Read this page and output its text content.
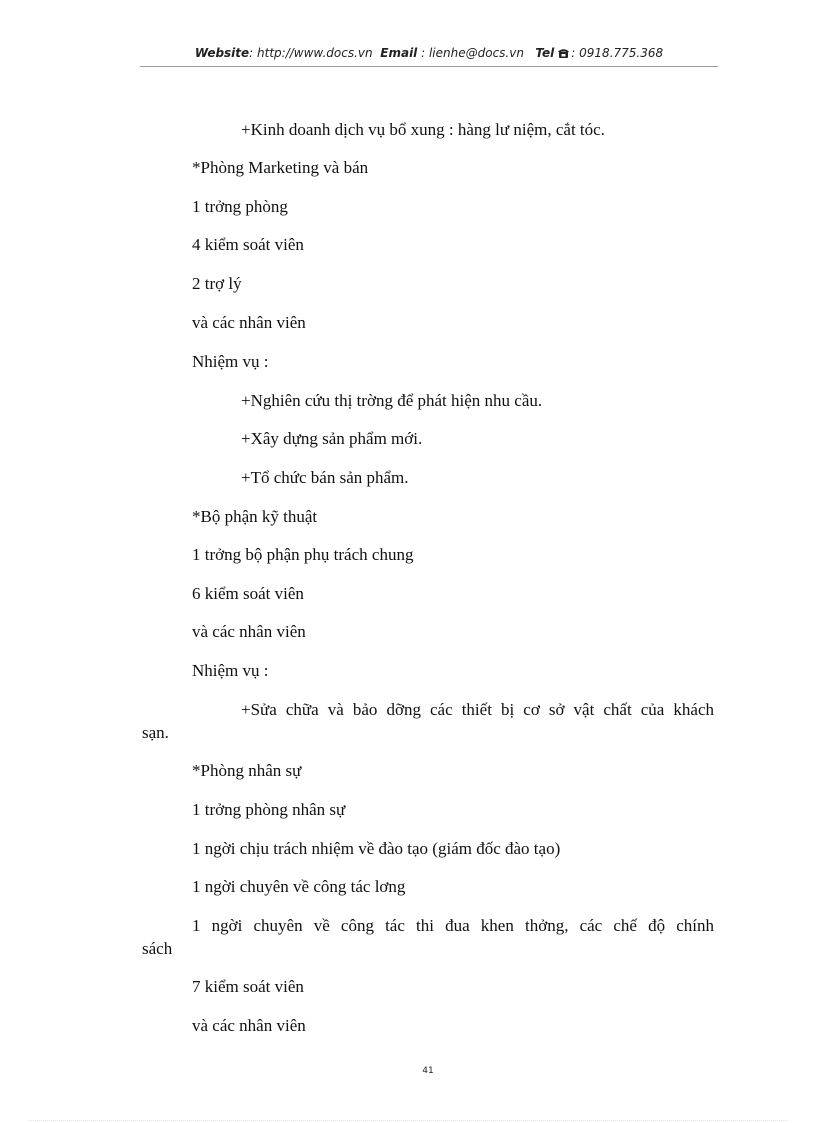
Website: http://www.docs.vn Email : lienhe@docs.vn Tel : 0918.775.368
+Kinh doanh dịch vụ bổ xung : hàng lư niệm, cắt tóc.
*Phòng Marketing và bán
1 trởng phòng
4 kiểm soát viên
2 trợ lý
và các nhân viên
Nhiệm vụ :
+Nghiên cứu thị trờng để phát hiện nhu cầu.
+Xây dựng sản phẩm mới.
+Tổ chức bán sản phẩm.
*Bộ phận kỹ thuật
1 trởng bộ phận phụ trách chung
6 kiểm soát viên
và các nhân viên
Nhiệm vụ :
+Sửa chữa và bảo dỡng các thiết bị cơ sở vật chất của khách
sạn.
*Phòng nhân sự
1 trởng phòng nhân sự
1 ngời chịu trách nhiệm về đào tạo (giám đốc đào tạo)
1 ngời chuyên về công tác lơng
1 ngời chuyên về công tác thi đua khen thởng, các chế độ chính
sách
7 kiểm soát viên
và các nhân viên
41
